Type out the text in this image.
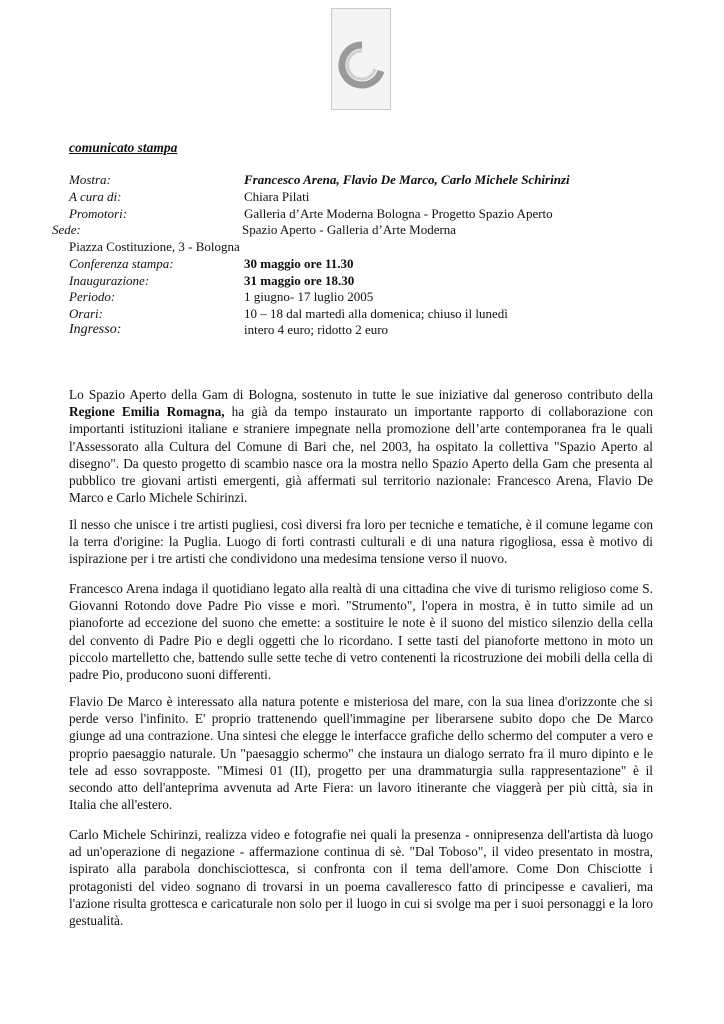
comunicato stampa
Mostra:	Francesco Arena, Flavio De Marco, Carlo Michele Schirinzi
A cura di:	Chiara Pilati
Promotori:	Galleria d’Arte Moderna Bologna - Progetto Spazio Aperto
Sede:	Spazio Aperto - Galleria d’Arte Moderna
Piazza Costituzione, 3 - Bologna
Conferenza stampa:	30 maggio ore 11.30
Inaugurazione:	31 maggio ore 18.30
Periodo:	1 giugno- 17 luglio 2005
Orari:	10 – 18 dal martedì alla domenica; chiuso il lunedì
Ingresso:	intero 4 euro; ridotto 2 euro
Lo Spazio Aperto della Gam di Bologna, sostenuto in tutte le sue iniziative dal generoso contributo della Regione Emilia Romagna, ha già da tempo instaurato un importante rapporto di collaborazione con importanti istituzioni italiane e straniere impegnate nella promozione dell’arte contemporanea fra le quali l'Assessorato alla Cultura del Comune di Bari che, nel 2003, ha ospitato la collettiva "Spazio Aperto al disegno". Da questo progetto di scambio nasce ora la mostra nello Spazio Aperto della Gam che presenta al pubblico tre giovani artisti emergenti, già affermati sul territorio nazionale: Francesco Arena, Flavio De Marco e Carlo Michele Schirinzi.
Il nesso che unisce i tre artisti pugliesi, così diversi fra loro per tecniche e tematiche, è il comune legame con la terra d'origine: la Puglia. Luogo di forti contrasti culturali e di una natura rigogliosa, essa è motivo di ispirazione per i tre artisti che condividono una medesima tensione verso il nuovo.
Francesco Arena indaga il quotidiano legato alla realtà di una cittadina che vive di turismo religioso come S. Giovanni Rotondo dove Padre Pio visse e morì. "Strumento", l'opera in mostra, è in tutto simile ad un pianoforte ad eccezione del suono che emette: a sostituire le note è il suono del mistico silenzio della cella del convento di Padre Pio e degli oggetti che lo ricordano. I sette tasti del pianoforte mettono in moto un piccolo martelletto che, battendo sulle sette teche di vetro contenenti la ricostruzione dei mobili della cella di padre Pio, producono suoni differenti.
Flavio De Marco è interessato alla natura potente e misteriosa del mare, con la sua linea d'orizzonte che si perde verso l'infinito. E' proprio trattenendo quell'immagine per liberarsene subito dopo che De Marco giunge ad una contrazione. Una sintesi che elegge le interfacce grafiche dello schermo del computer a vero e proprio paesaggio naturale. Un "paesaggio schermo" che instaura un dialogo serrato fra il muro dipinto e le tele ad esso sovrapposte. "Mimesi 01 (II), progetto per una drammaturgia sulla rappresentazione" è il secondo atto dell'anteprima avvenuta ad Arte Fiera: un lavoro itinerante che viaggerà per più città, sia in Italia che all'estero.
Carlo Michele Schirinzi, realizza video e fotografie nei quali la presenza - onnipresenza dell'artista dà luogo ad un'operazione di negazione - affermazione continua di sè. "Dal Toboso", il video presentato in mostra, ispirato alla parabola donchisciottesca, si confronta con il tema dell'amore. Come Don Chisciotte i protagonisti del video sognano di trovarsi in un poema cavalleresco fatto di principesse e cavalieri, ma l'azione risulta grottesca e caricaturale non solo per il luogo in cui si svolge ma per i suoi personaggi e la loro gestualità.
